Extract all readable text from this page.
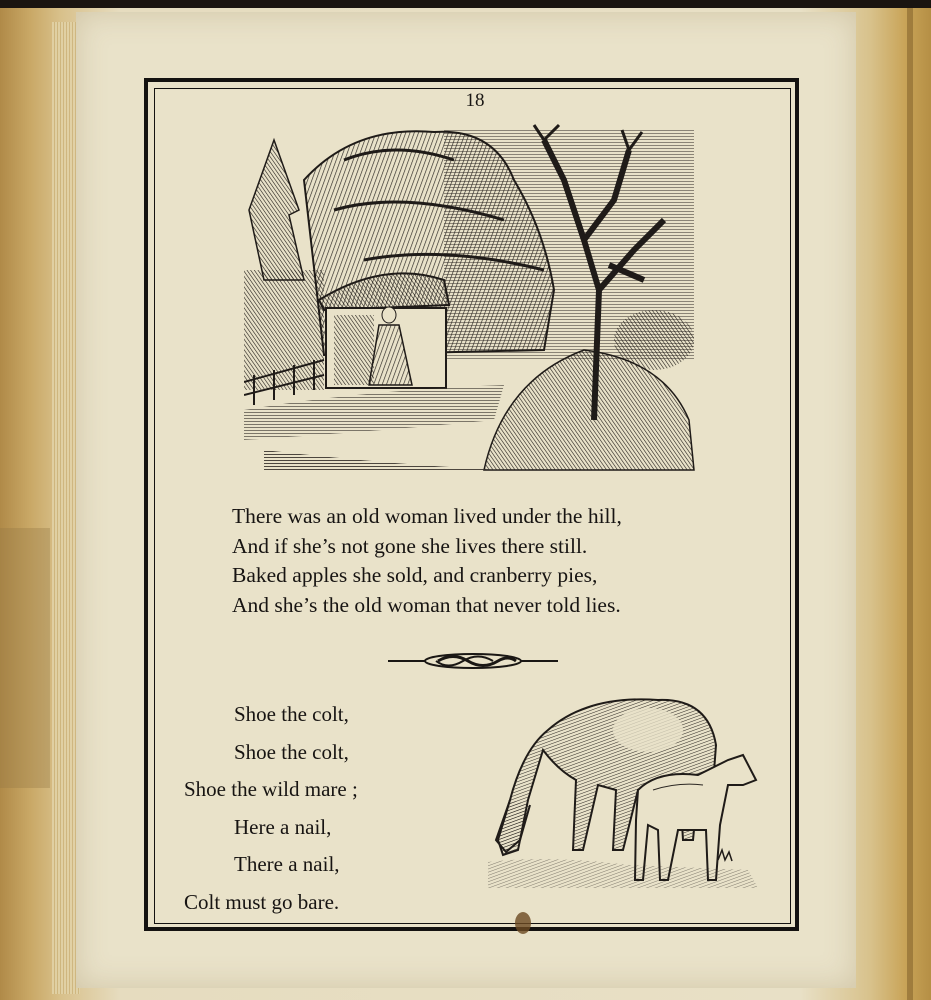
18
There was an old woman lived under the hill,
And if she’s not gone she lives there still.
Baked apples she sold, and cranberry pies,
And she’s the old woman that never told lies.
Shoe the colt,
Shoe the colt,
Shoe the wild mare ;
Here a nail,
There a nail,
Colt must go bare.
